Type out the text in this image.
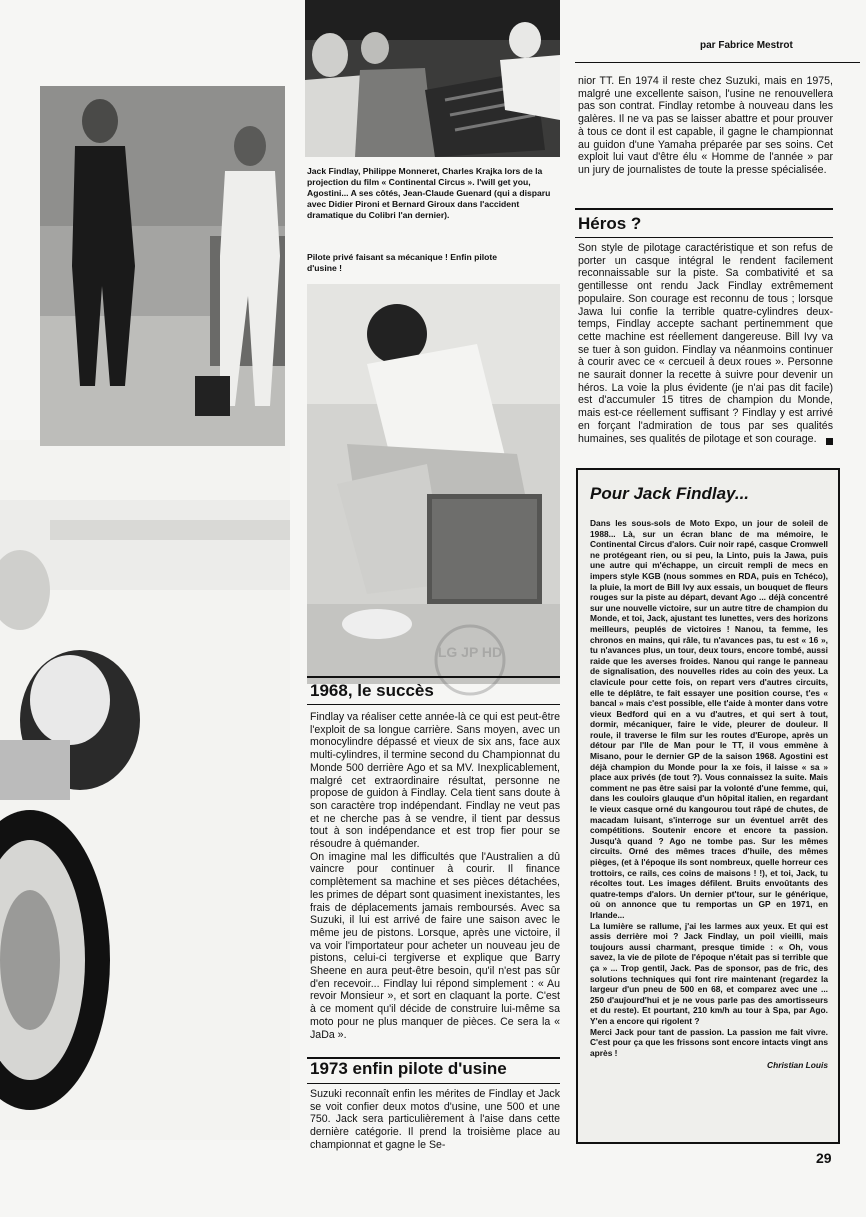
LG JP HD
par Fabrice Mestrot
Jack Findlay, Philippe Monneret, Charles Krajka lors de la projection du film « Continental Circus ». I'will get you, Agostini... A ses côtés, Jean-Claude Guenard (qui a disparu avec Didier Pironi et Bernard Giroux dans l'accident dramatique du Colibri l'an dernier).
Pilote privé faisant sa mécanique ! Enfin pilote d'usine !
1968, le succès

Findlay va réaliser cette année-là ce qui est peut-être l'exploit de sa longue carrière. Sans moyen, avec un monocylindre dépassé et vieux de six ans, face aux multi-cylindres, il termine second du Championnat du Monde 500 derrière Ago et sa MV. Inexplicablement, malgré cet extraordinaire résultat, personne ne propose de guidon à Findlay. Cela tient sans doute à son caractère trop indépendant. Findlay ne veut pas et ne cherche pas à se vendre, il tient par dessus tout à son indépendance et est trop fier pour se résoudre à quémander.

On imagine mal les difficultés que l'Australien a dû vaincre pour continuer à courir. Il finance complètement sa machine et ses pièces détachées, les primes de départ sont quasiment inexistantes, les frais de déplacements jamais remboursés. Avec sa Suzuki, il lui est arrivé de faire une saison avec le même jeu de pistons. Lorsque, après une victoire, il va voir l'importateur pour acheter un nouveau jeu de pistons, celui-ci tergiverse et explique que Barry Sheene en aura peut-être besoin, qu'il n'est pas sûr d'en recevoir... Findlay lui répond simplement : « Au revoir Monsieur », et sort en claquant la porte. C'est à ce moment qu'il décide de construire lui-même sa moto pour ne plus manquer de pièces. Ce sera la « JaDa ».

1973 enfin pilote d'usine

Suzuki reconnaît enfin les mérites de Findlay et Jack se voit confier deux motos d'usine, une 500 et une 750. Jack sera particulièrement à l'aise dans cette dernière catégorie. Il prend la troisième place au championnat et gagne le Se-

nior TT. En 1974 il reste chez Suzuki, mais en 1975, malgré une excellente saison, l'usine ne renouvellera pas son contrat. Findlay retombe à nouveau dans les galères. Il ne va pas se laisser abattre et pour prouver à tous ce dont il est capable, il gagne le championnat au guidon d'une Yamaha préparée par ses soins. Cet exploit lui vaut d'être élu « Homme de l'année » par un jury de journalistes de toute la presse spécialisée.

Héros ?

Son style de pilotage caractéristique et son refus de porter un casque intégral le rendent facilement reconnaissable sur la piste. Sa combativité et sa gentillesse ont rendu Jack Findlay extrêmement populaire. Son courage est reconnu de tous ; lorsque Jawa lui confie la terrible quatre-cylindres deux-temps, Findlay accepte sachant pertinemment que cette machine est réellement dangereuse. Bill Ivy va se tuer à son guidon. Findlay va néanmoins continuer à courir avec ce « cercueil à deux roues ». Personne ne saurait donner la recette à suivre pour devenir un héros. La voie la plus évidente (je n'ai pas dit facile) est d'accumuler 15 titres de champion du Monde, mais est-ce réellement suffisant ? Findlay y est arrivé en forçant l'admiration de tous par ses qualités humaines, ses qualités de pilotage et son courage.

Pour Jack Findlay...

Dans les sous-sols de Moto Expo, un jour de soleil de 1988... Là, sur un écran blanc de ma mémoire, le Continental Circus d'alors. Cuir noir rapé, casque Cromwell ne protégeant rien, ou si peu, la Linto, puis la Jawa, puis une autre qui m'échappe, un circuit rempli de mecs en impers style KGB (nous sommes en RDA, puis en Tchéco), la pluie, la mort de Bill Ivy aux essais, un bouquet de fleurs rouges sur la piste au départ, devant Ago ... déjà concentré sur une nouvelle victoire, sur un autre titre de champion du Monde, et toi, Jack, ajustant tes lunettes, vers des horizons meilleurs, peuplés de victoires ! Nanou, ta femme, les chronos en mains, qui râle, tu n'avances pas, tu est « 16 », tu n'avances plus, un tour, deux tours, encore tombé, aussi raide que les averses froides. Nanou qui range le panneau de signalisation, des nouvelles rides au coin des yeux. La clavicule pour cette fois, on repart vers d'autres circuits, elle te déplâtre, te fait essayer une position course, t'es « bancal » mais c'est possible, elle t'aide à monter dans votre vieux Bedford qui en a vu d'autres, et qui sert à tout, dormir, mécaniquer, faire le vide, pleurer de douleur. Il roule, il traverse le film sur les routes d'Europe, après un détour par l'Ile de Man pour le TT, il vous emmène à Misano, pour le dernier GP de la saison 1968. Agostini est déjà champion du Monde pour la xe fois, il laisse « sa » place aux privés (de tout ?). Vous connaissez la suite. Mais comment ne pas être saisi par la volonté d'une femme, qui, dans les couloirs glauque d'un hôpital italien, en regardant le vieux casque orné du kangourou tout râpé de chutes, de macadam luisant, s'interroge sur un éventuel arrêt des compétitions. Soutenir encore et encore ta passion. Jusqu'à quand ? Ago ne tombe pas. Sur les mêmes circuits. Orné des mêmes traces d'huile, des mêmes pièges, (et à l'époque ils sont nombreux, quelle horreur ces trottoirs, ce rails, ces coins de maisons ! !), et toi, Jack, tu récoltes tout. Les images défilent. Bruits envoûtants des quatre-temps d'alors. Un dernier pt'tour, sur le générique, où on annonce que tu remportas un GP en 1971, en Irlande...

La lumière se rallume, j'ai les larmes aux yeux. Et qui est assis derrière moi ? Jack Findlay, un poil vieilli, mais toujours aussi charmant, presque timide : « Oh, vous savez, la vie de pilote de l'époque n'était pas si terrible que ça » ... Trop gentil, Jack. Pas de sponsor, pas de fric, des solutions techniques qui font rire maintenant (regardez la largeur d'un pneu de 500 en 68, et comparez avec une ... 250 d'aujourd'hui et je ne vous parle pas des amortisseurs et du reste). Et pourtant, 210 km/h au tour à Spa, par Ago. Y'en a encore qui rigolent ?

Merci Jack pour tant de passion. La passion me fait vivre. C'est pour ça que les frissons sont encore intacts vingt ans après !

Christian Louis
29
